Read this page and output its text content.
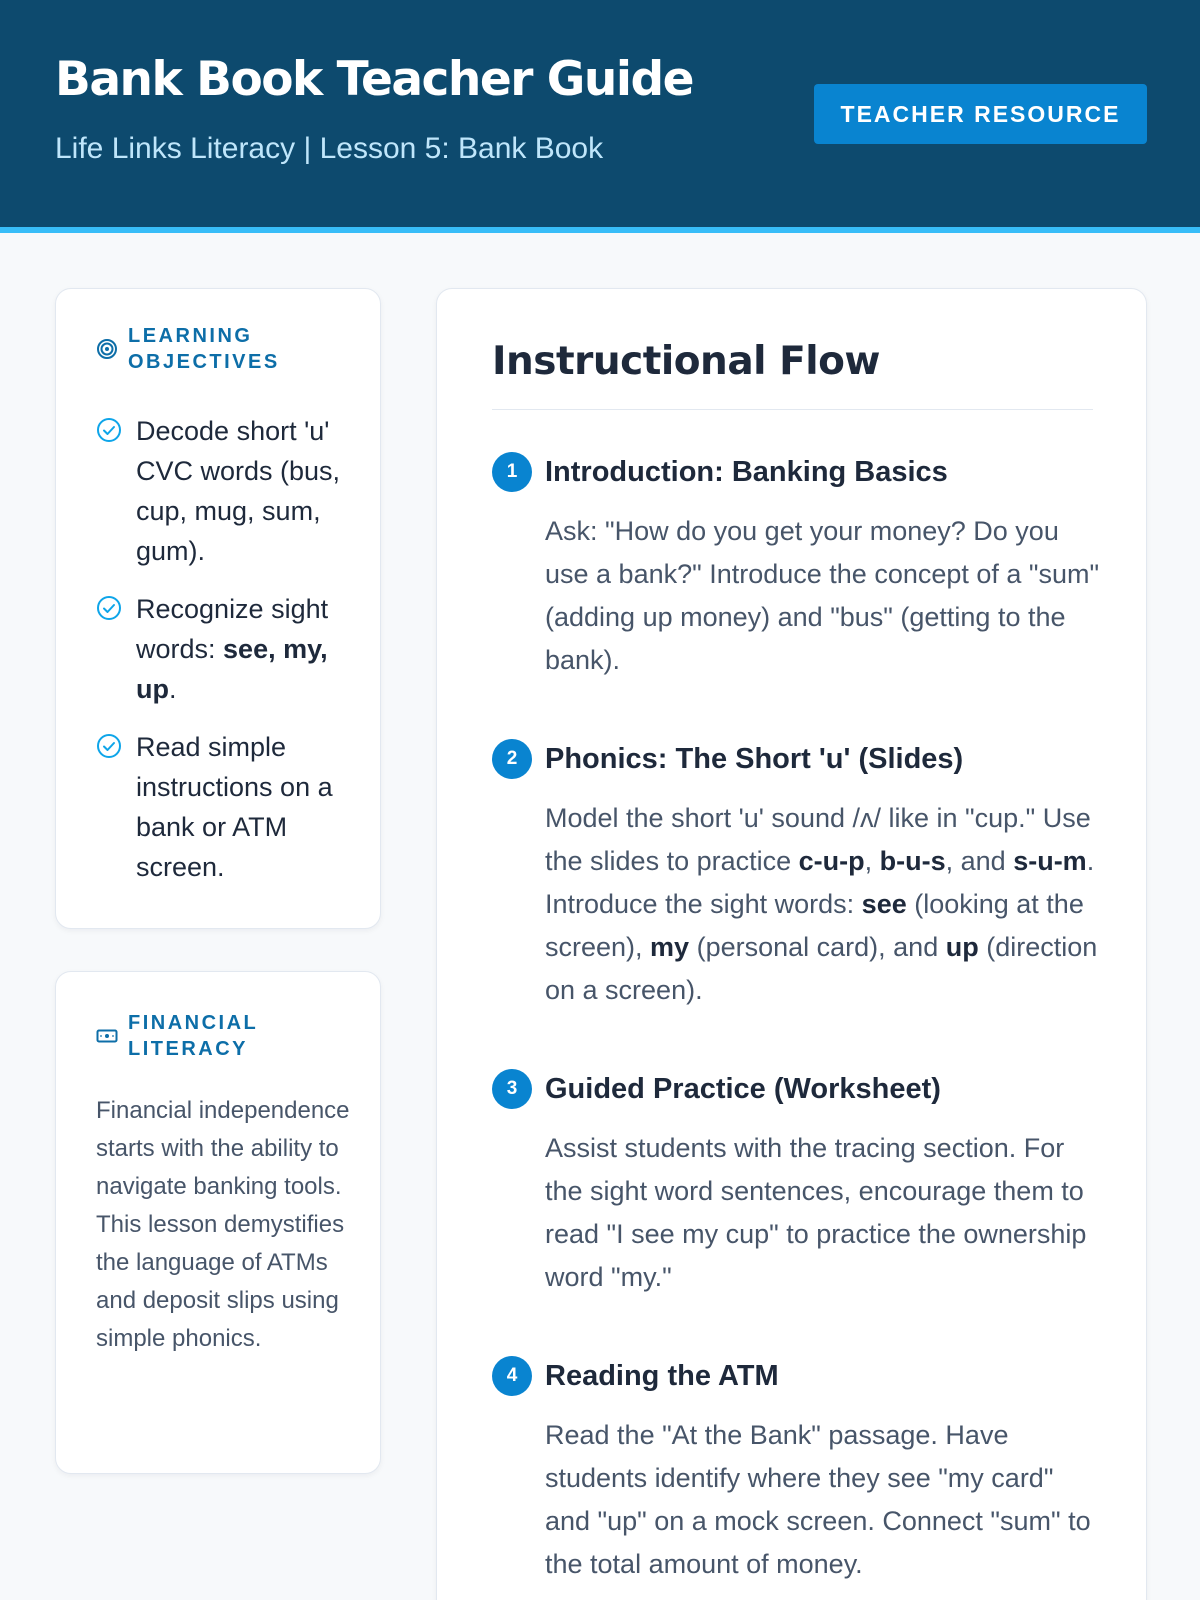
Bank Book Teacher Guide
Life Links Literacy | Lesson 5: Bank Book
TEACHER RESOURCE
LEARNING
OBJECTIVES
Decode short 'u' CVC words (bus, cup, mug, sum, gum).
Recognize sight words: see, my, up.
Read simple instructions on a bank or ATM screen.
FINANCIAL
LITERACY
Financial independence starts with the ability to navigate banking tools. This lesson demystifies the language of ATMs and deposit slips using simple phonics.
Instructional Flow
1 Introduction: Banking Basics
Ask: "How do you get your money? Do you use a bank?" Introduce the concept of a "sum" (adding up money) and "bus" (getting to the bank).
2 Phonics: The Short 'u' (Slides)
Model the short 'u' sound /ʌ/ like in "cup." Use the slides to practice c-u-p, b-u-s, and s-u-m. Introduce the sight words: see (looking at the screen), my (personal card), and up (direction on a screen).
3 Guided Practice (Worksheet)
Assist students with the tracing section. For the sight word sentences, encourage them to read "I see my cup" to practice the ownership word "my."
4 Reading the ATM
Read the "At the Bank" passage. Have students identify where they see "my card" and "up" on a mock screen. Connect "sum" to the total amount of money.
